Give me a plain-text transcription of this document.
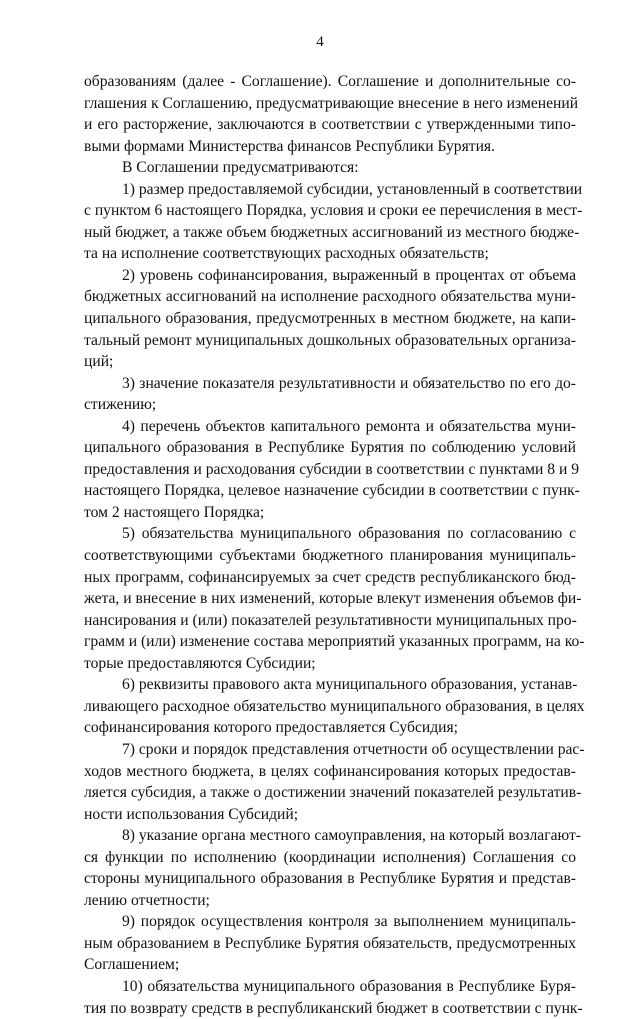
4
образованиям (далее - Соглашение). Соглашение и дополнительные со-
глашения к Соглашению, предусматривающие внесение в него изменений
и его расторжение, заключаются в соответствии с утвержденными типо-
выми формами Министерства финансов Республики Бурятия.
В Соглашении предусматриваются:
1) размер предоставляемой субсидии, установленный в соответствии
с пунктом 6 настоящего Порядка, условия и сроки ее перечисления в мест-
ный бюджет, а также объем бюджетных ассигнований из местного бюдже-
та на исполнение соответствующих расходных обязательств;
2) уровень софинансирования, выраженный в процентах от объема
бюджетных ассигнований на исполнение расходного обязательства муни-
ципального образования, предусмотренных в местном бюджете, на капи-
тальный ремонт муниципальных дошкольных образовательных организа-
ций;
3) значение показателя результативности и обязательство по его до-
стижению;
4) перечень объектов капитального ремонта и обязательства муни-
ципального образования в Республике Бурятия по соблюдению условий
предоставления и расходования субсидии в соответствии с пунктами 8 и 9
настоящего Порядка, целевое назначение субсидии в соответствии с пунк-
том 2 настоящего Порядка;
5) обязательства муниципального образования по согласованию с
соответствующими субъектами бюджетного планирования муниципаль-
ных программ, софинансируемых за счет средств республиканского бюд-
жета, и внесение в них изменений, которые влекут изменения объемов фи-
нансирования и (или) показателей результативности муниципальных про-
грамм и (или) изменение состава мероприятий указанных программ, на ко-
торые предоставляются Субсидии;
6) реквизиты правового акта муниципального образования, устанав-
ливающего расходное обязательство муниципального образования, в целях
софинансирования которого предоставляется Субсидия;
7) сроки и порядок представления отчетности об осуществлении рас-
ходов местного бюджета, в целях софинансирования которых предостав-
ляется субсидия, а также о достижении значений показателей результатив-
ности использования Субсидий;
8) указание органа местного самоуправления, на который возлагают-
ся функции по исполнению (координации исполнения) Соглашения со
стороны муниципального образования в Республике Бурятия и представ-
лению отчетности;
9) порядок осуществления контроля за выполнением муниципаль-
ным образованием в Республике Бурятия обязательств, предусмотренных
Соглашением;
10) обязательства муниципального образования в Республике Буря-
тия по возврату средств в республиканский бюджет в соответствии с пунк-
